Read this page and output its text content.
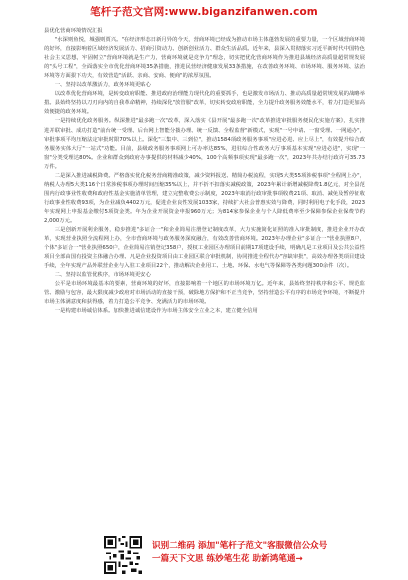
笔杆子范文官网:www.biganzifanwen.com

县优化营商环境情况汇报

"水深则鱼悦，城强则贾兴。"在经济形态日新月异的今天，营商环境已经成为推动市场主体蓬勃发展的重要力量，一个区域营商环境的好坏，直接影响着区域经济发展活力、招商引资动力、创新创业活力、群众生活品质。近年来，县深入贯彻落实习近平新时代中国特色社会主义思想，牢固树立"营商环境就是生产力，营商环境就是竞争力"理念，切实把优化营商环境作为推进县域经济高质量超常规发展的"头号工程"，全面落实全市优化营商环境35条措施，推进民营经济健康发展33条措施，在改善政务环境、市场环境、服务环境、法治环境等方面狠下功夫，有效营造"活跃、亲商、安商、便商"的浓厚氛围。

一、坚持以改革激活力，政务环境更贴心

以改革优化营商环境，是转变政府职能、推进政府治理能力现代化的重要抓手，也是激发市场活力、推动高质量超常规发展的战略举措。县始终坚持以刀刃向内的自我革命精神，持续深化"放管服"改革，切实转变政府职能，全力提升政务服务效能水平，着力打造更加高效便捷的政务环境。

一是持续优化政务服务。纵深推进"最多跑一次"改革，深入落实《县开展"最多跑一次"改革推进审批服务便民化实施方案》，扎实推进并联审批、成功打造"前台统一受理、后台网上智能分拨办理、统一反馈、全程监督"新模式，实现"一号申请、一窗受理、一网通办"，审批事项平均压缩法定审批时限70%以上。深化"三集中、三到位"，推动1584项政务服务事项"应进必进、应上尽上"，有效提升综合政务服务实体大厅"一站式"功能。目前，县级政务服务事项网上可办率达85%，进驻综合性政务大厅事项基本实现"应进必进"，实现"一窗"分类受理达80%。企业和群众到政府办事提供的材料减少40%，100个高频事项实现"最多跑一次"，2023年共办结行政许可35.73万件。

二是深入推进减税降费。严格落实优化税务营商精准政策，减少资料报送、精简办税流程，实现5大类55项涉税事项"全程网上办"，纳税人办理5大类116个日常涉税事项办理时间压缩35%以上，并不折不扣落实减税政策，2023年累计新增减税降费1.8亿元，对全县范围内行政事业性收费和政府性基金实施清单管理，建立完整收费公示制度，2023年取消行政审批事项收费21项、取消、减免及暂停征收行政事业性收费93项，为企业减负4402万元，促进企业良性发展1033家，持续扩大社会普惠实效与降费，同时利用电子化手段，2023年实现网上申报基金缴付5项资金类。年为企业开展资金申报960万元；为814家参保企业与个人降低费率至少保障参保企业保费节约2,000万元。

三是创新开展利企服务，稳步推进"多证合一"和企业简易注册登记制度改革，大力实施简化证照的准入审批制度，推进企业开办改革，实现营业执照全流程网上办，全市营商环境与政务服务深度融合，有效改善营商环境。2023年办理企业"多证合一"营业执照8户，个体"多证合一"营业执照650户，企业简易注销登记358户，授权工业园区办理项目前期17项建设手续，明确凡是工业项目及公共公益性项目全部由国有投资主体融合办理、凡是企业投资项目由工业园区联合审批机制，协同推进全程代办"容缺审批"，高效办理各类项目建设手续，全年实现产品外联营企业与入驻工业项目22个，推动解决企业用工、土地、环保、水电气等保障等各类问题300余件（次）。

二、坚持以监管优秩序，市场环境更安心

公平是市场环境最基本的要素，营商环境的好坏，直接影响着一个地区的市场环境万亿。近年来，县始终坚持秩序和公平、规范监管、激励与包容，最大限度减少政府对市场活动的直接干预，破除地方保护和不正当竞争，坚持营造公平有序的市场竞争环境，不断提升市场主体满意度和获得感，着力打造公平竞争、充满活力的市场环境。

一是构建市场诚信体系。加快推进诚信建设作为市场主体安全立业之本，建立健全信用

识别二维码 添加"笔杆子范文"客服微信公众号
一篇天下文思 练妙笔生花 助新鸿笔通→
